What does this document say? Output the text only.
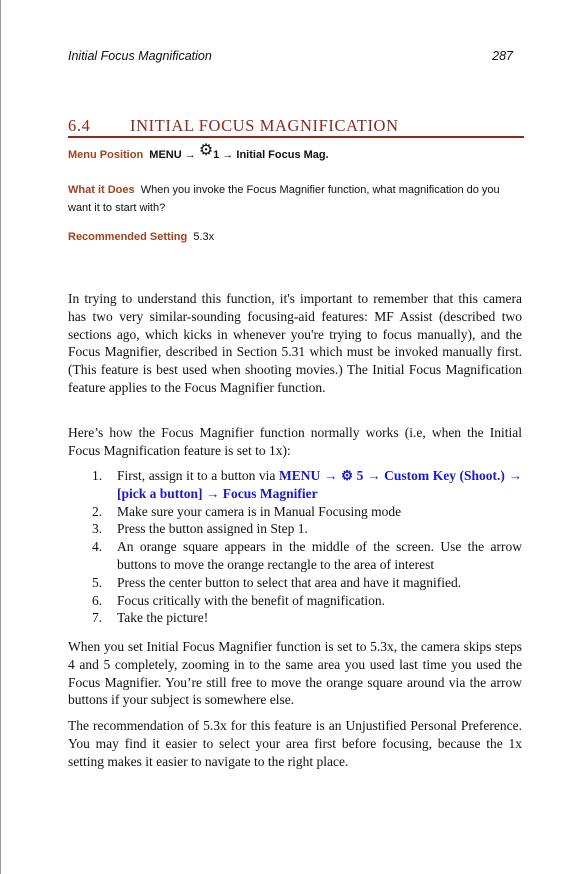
Initial Focus Magnification	287
6.4 INITIAL FOCUS MAGNIFICATION
Menu Position MENU → ⚙1 → Initial Focus Mag.
What it Does When you invoke the Focus Magnifier function, what magnification do you want it to start with?
Recommended Setting 5.3x

In trying to understand this function, it's important to remember that this camera has two very similar-sounding focusing-aid features: MF Assist (described two sections ago, which kicks in whenever you're trying to focus manually), and the Focus Magnifier, described in Section 5.31 which must be invoked manually first. (This feature is best used when shooting movies.) The Initial Focus Magnification feature applies to the Focus Magnifier function.

Here’s how the Focus Magnifier function normally works (i.e, when the Initial Focus Magnification feature is set to 1x):

1. First, assign it to a button via MENU → ⚙ 5 → Custom Key (Shoot.) → [pick a button] → Focus Magnifier
2. Make sure your camera is in Manual Focusing mode
3. Press the button assigned in Step 1.
4. An orange square appears in the middle of the screen. Use the arrow buttons to move the orange rectangle to the area of interest
5. Press the center button to select that area and have it magnified.
6. Focus critically with the benefit of magnification.
7. Take the picture!

When you set Initial Focus Magnifier function is set to 5.3x, the camera skips steps 4 and 5 completely, zooming in to the same area you used last time you used the Focus Magnifier. You’re still free to move the orange square around via the arrow buttons if your subject is somewhere else.

The recommendation of 5.3x for this feature is an Unjustified Personal Preference. You may find it easier to select your area first before focusing, because the 1x setting makes it easier to navigate to the right place.
